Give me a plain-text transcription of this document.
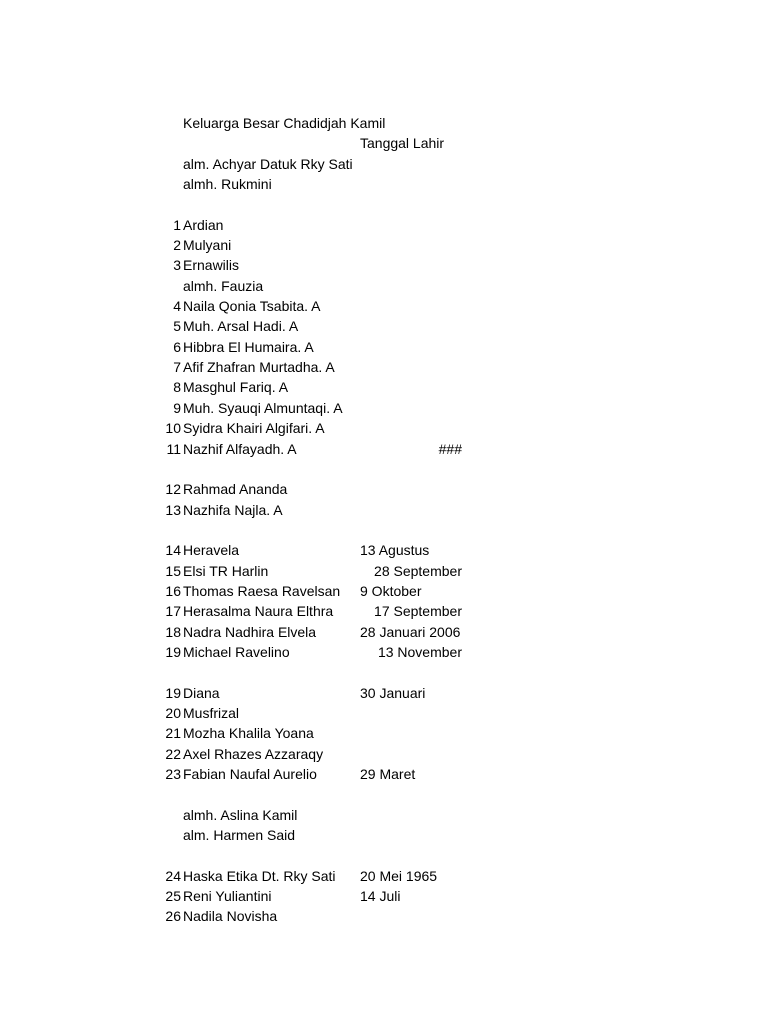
Keluarga Besar Chadidjah Kamil
Tanggal Lahir
alm. Achyar Datuk Rky Sati
almh. Rukmini
1 Ardian
2 Mulyani
3 Ernawilis
almh. Fauzia
4 Naila Qonia Tsabita. A
5 Muh. Arsal Hadi. A
6 Hibbra El Humaira. A
7 Afif Zhafran Murtadha. A
8 Masghul Fariq. A
9 Muh. Syauqi Almuntaqi. A
10 Syidra Khairi Algifari. A
11 Nazhif Alfayadh. A	###
12 Rahmad Ananda
13 Nazhifa Najla. A
14 Heravela	13 Agustus
15 Elsi TR Harlin	28 September
16 Thomas Raesa Ravelsan 9 Oktober
17 Herasalma Naura Elthra	17 September
18 Nadra Nadhira Elvela	28 Januari 2006
19 Michael Ravelino	13 November
19 Diana	30 Januari
20 Musfrizal
21 Mozha Khalila Yoana
22 Axel Rhazes Azzaraqy
23 Fabian Naufal Aurelio	29 Maret
almh. Aslina Kamil
alm. Harmen Said
24 Haska Etika Dt. Rky Sati 20 Mei 1965
25 Reni Yuliantini	14 Juli
26 Nadila Novisha
